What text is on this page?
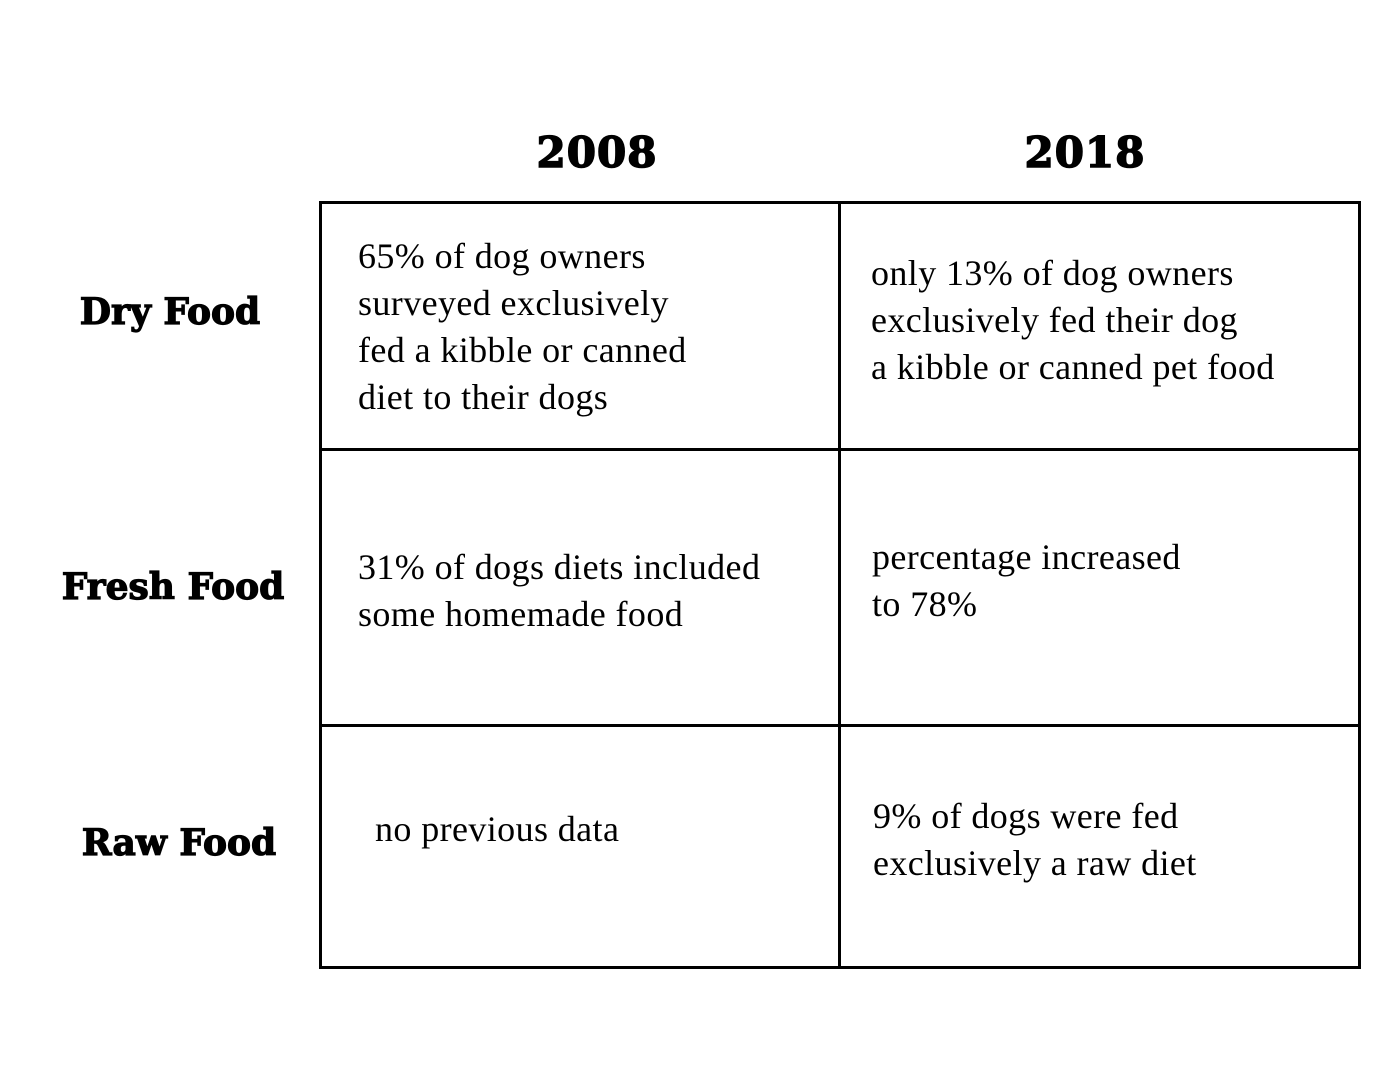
2008	2018
Dry Food
Fresh Food
Raw Food
65% of dog owners
surveyed exclusively
fed a kibble or canned
diet to their dogs
only 13% of dog owners
exclusively fed their dog
a kibble or canned pet food
31% of dogs diets included
some homemade food
percentage increased
to 78%
no previous data	9% of dogs were fed
exclusively a raw diet
